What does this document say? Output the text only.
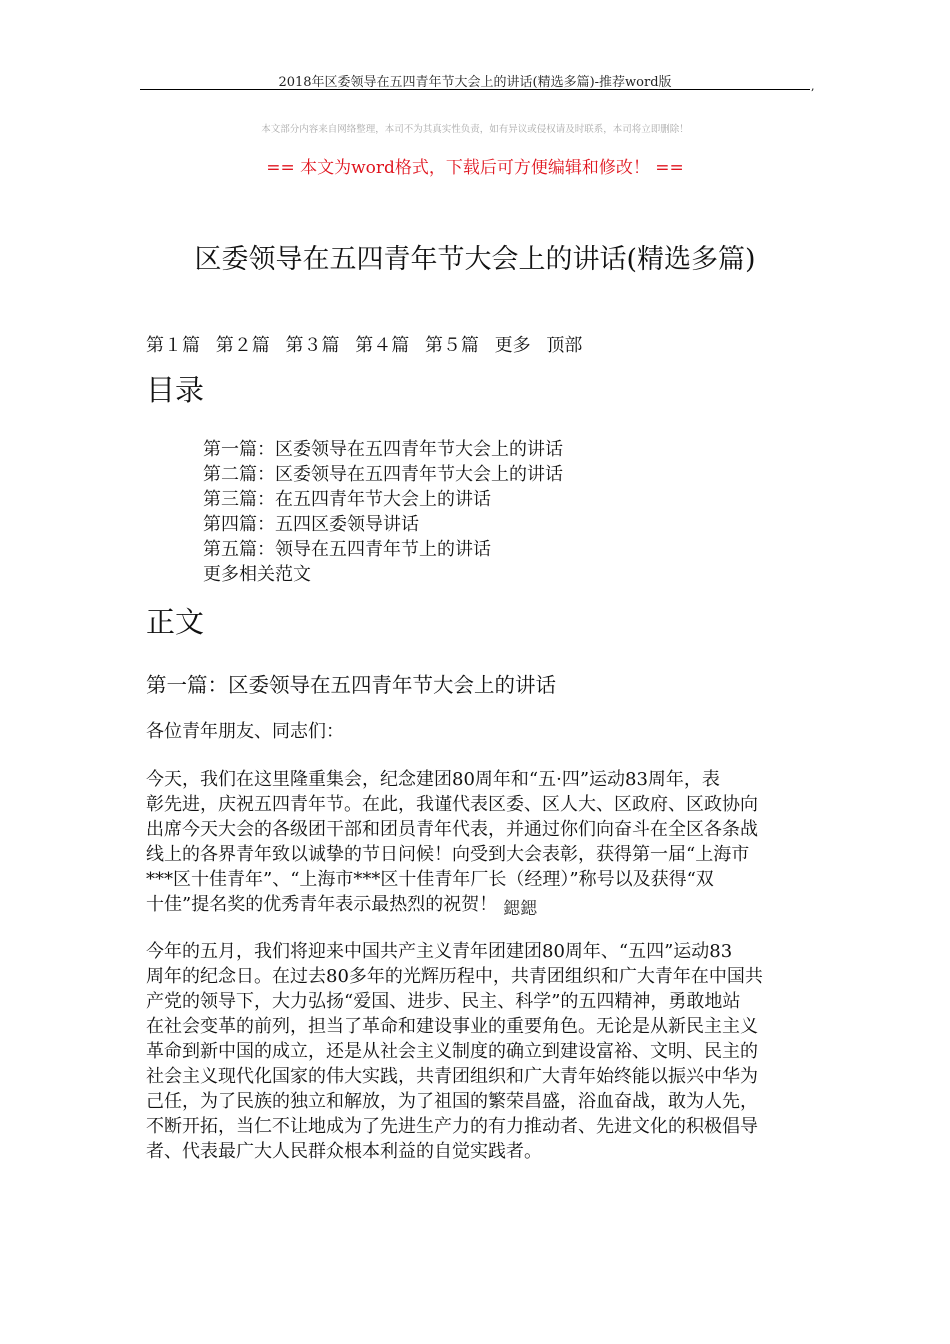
2018年区委领导在五四青年节大会上的讲话(精选多篇)-推荐word版	,
本文部分内容来自网络整理，本司不为其真实性负责，如有异议或侵权请及时联系，本司将立即删除！
== 本文为word格式，下载后可方便编辑和修改！ ==
区委领导在五四青年节大会上的讲话(精选多篇)
第１篇 第２篇 第３篇 第４篇 第５篇 更多 顶部
目录
第一篇：区委领导在五四青年节大会上的讲话
第二篇：区委领导在五四青年节大会上的讲话
第三篇：在五四青年节大会上的讲话
第四篇：五四区委领导讲话
第五篇：领导在五四青年节上的讲话
更多相关范文
正文
第一篇：区委领导在五四青年节大会上的讲话
各位青年朋友、同志们：
今天，我们在这里隆重集会，纪念建团80周年和“五·四”运动83周年，表
彰先进，庆祝五四青年节。在此，我谨代表区委、区人大、区政府、区政协向
出席今天大会的各级团干部和团员青年代表，并通过你们向奋斗在全区各条战
线上的各界青年致以诚挚的节日问候！向受到大会表彰，获得第一届“上海市
***区十佳青年”、“上海市***区十佳青年厂长（经理）”称号以及获得“双
十佳”提名奖的优秀青年表示最热烈的祝贺！ 鍶鍶
今年的五月，我们将迎来中国共产主义青年团建团80周年、“五四”运动83
周年的纪念日。在过去80多年的光辉历程中，共青团组织和广大青年在中国共
产党的领导下，大力弘扬“爱国、进步、民主、科学”的五四精神，勇敢地站
在社会变革的前列，担当了革命和建设事业的重要角色。无论是从新民主主义
革命到新中国的成立，还是从社会主义制度的确立到建设富裕、文明、民主的
社会主义现代化国家的伟大实践，共青团组织和广大青年始终能以振兴中华为
己任，为了民族的独立和解放，为了祖国的繁荣昌盛，浴血奋战，敢为人先，
不断开拓，当仁不让地成为了先进生产力的有力推动者、先进文化的积极倡导
者、代表最广大人民群众根本利益的自觉实践者。
